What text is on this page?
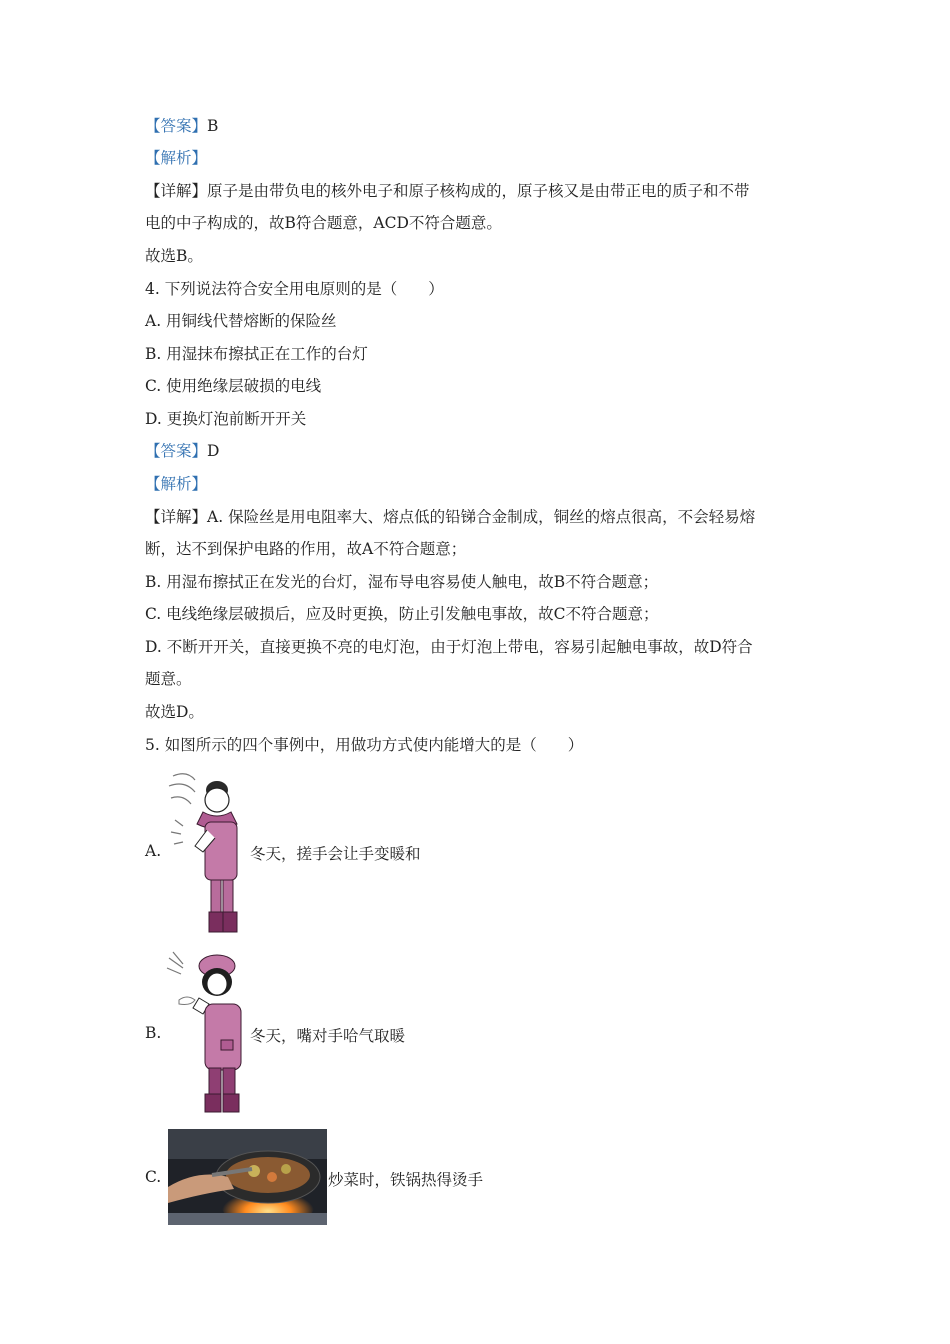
【答案】B
【解析】
【详解】原子是由带负电的核外电子和原子核构成的，原子核又是由带正电的质子和不带
电的中子构成的，故B符合题意，ACD不符合题意。
故选B。
4. 下列说法符合安全用电原则的是（　　）
A. 用铜线代替熔断的保险丝
B. 用湿抹布擦拭正在工作的台灯
C. 使用绝缘层破损的电线
D. 更换灯泡前断开开关
【答案】D
【解析】
【详解】A. 保险丝是用电阻率大、熔点低的铅锑合金制成，铜丝的熔点很高，不会轻易熔
断，达不到保护电路的作用，故A不符合题意；
B. 用湿布擦拭正在发光的台灯，湿布导电容易使人触电，故B不符合题意；
C. 电线绝缘层破损后，应及时更换，防止引发触电事故，故C不符合题意；
D. 不断开开关，直接更换不亮的电灯泡，由于灯泡上带电，容易引起触电事故，故D符合
题意。
故选D。
5. 如图所示的四个事例中，用做功方式使内能增大的是（　　）
A.	冬天，搓手会让手变暖和
B.	冬天，嘴对手哈气取暖
C.	炒菜时，铁锅热得烫手
